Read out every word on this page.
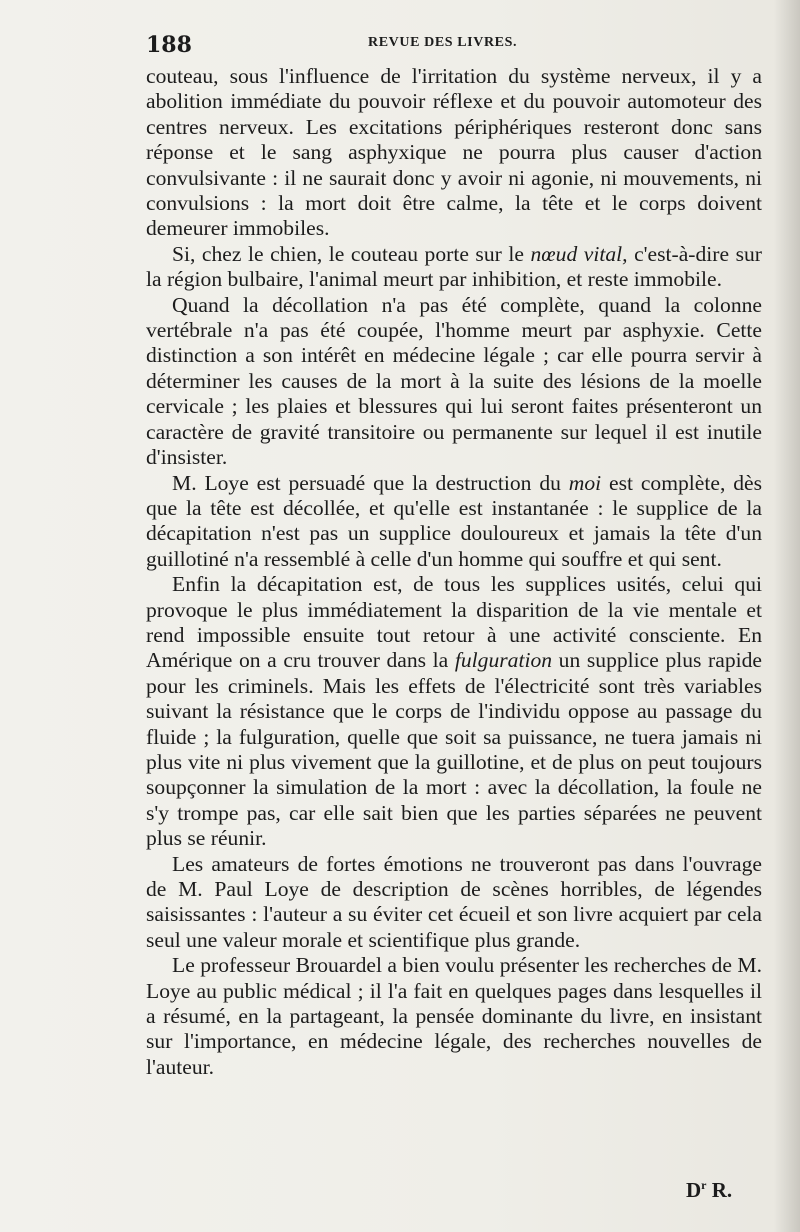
188	REVUE DES LIVRES.

couteau, sous l'influence de l'irritation du système nerveux, il y a abolition immédiate du pouvoir réflexe et du pouvoir automoteur des centres nerveux. Les excitations périphériques resteront donc sans réponse et le sang asphyxique ne pourra plus causer d'action convulsivante : il ne saurait donc y avoir ni agonie, ni mouvements, ni convulsions : la mort doit être calme, la tête et le corps doivent demeurer immobiles.

Si, chez le chien, le couteau porte sur le nœud vital, c'est-à-dire sur la région bulbaire, l'animal meurt par inhibition, et reste immobile.

Quand la décollation n'a pas été complète, quand la colonne vertébrale n'a pas été coupée, l'homme meurt par asphyxie. Cette distinction a son intérêt en médecine légale ; car elle pourra servir à déterminer les causes de la mort à la suite des lésions de la moelle cervicale ; les plaies et blessures qui lui seront faites présenteront un caractère de gravité transitoire ou permanente sur lequel il est inutile d'insister.

M. Loye est persuadé que la destruction du moi est complète, dès que la tête est décollée, et qu'elle est instantanée : le supplice de la décapitation n'est pas un supplice douloureux et jamais la tête d'un guillotiné n'a ressemblé à celle d'un homme qui souffre et qui sent.

Enfin la décapitation est, de tous les supplices usités, celui qui provoque le plus immédiatement la disparition de la vie mentale et rend impossible ensuite tout retour à une activité consciente. En Amérique on a cru trouver dans la fulguration un supplice plus rapide pour les criminels. Mais les effets de l'électricité sont très variables suivant la résistance que le corps de l'individu oppose au passage du fluide ; la fulguration, quelle que soit sa puissance, ne tuera jamais ni plus vite ni plus vivement que la guillotine, et de plus on peut toujours soupçonner la simulation de la mort : avec la décollation, la foule ne s'y trompe pas, car elle sait bien que les parties séparées ne peuvent plus se réunir.

Les amateurs de fortes émotions ne trouveront pas dans l'ouvrage de M. Paul Loye de description de scènes horribles, de légendes saisissantes : l'auteur a su éviter cet écueil et son livre acquiert par cela seul une valeur morale et scientifique plus grande.

Le professeur Brouardel a bien voulu présenter les recherches de M. Loye au public médical ; il l'a fait en quelques pages dans lesquelles il a résumé, en la partageant, la pensée dominante du livre, en insistant sur l'importance, en médecine légale, des recherches nouvelles de l'auteur.

$D^r$ R.
